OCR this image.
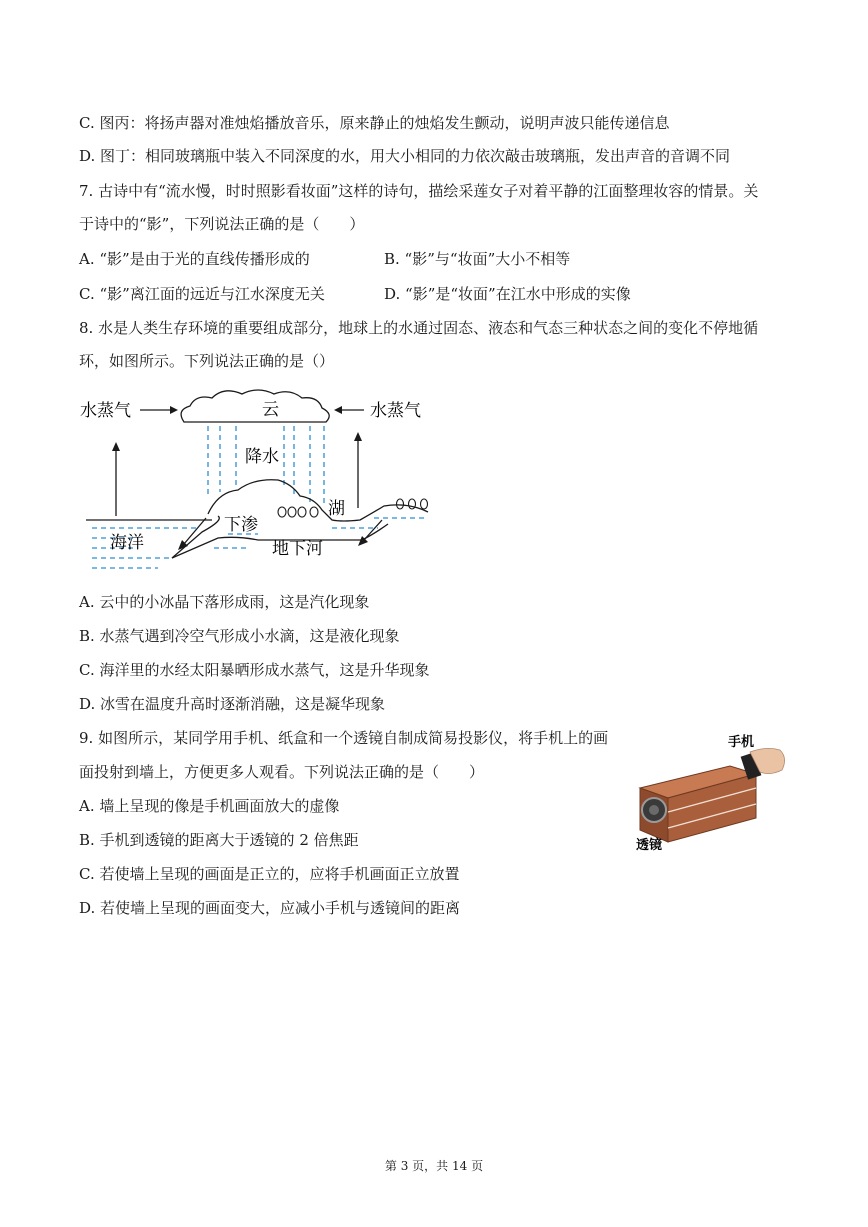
C. 图丙：将扬声器对准烛焰播放音乐，原来静止的烛焰发生颤动，说明声波只能传递信息
D. 图丁：相同玻璃瓶中装入不同深度的水，用大小相同的力依次敲击玻璃瓶，发出声音的音调不同
7. 古诗中有“流水慢，时时照影看妆面”这样的诗句，描绘采莲女子对着平静的江面整理妆容的情景。关
于诗中的“影”，下列说法正确的是（　　）
A. “影”是由于光的直线传播形成的	B. “影”与“妆面”大小不相等
C. “影”离江面的远近与江水深度无关	D. “影”是“妆面”在江水中形成的实像
8. 水是人类生存环境的重要组成部分，地球上的水通过固态、液态和气态三种状态之间的变化不停地循
环，如图所示。下列说法正确的是（）
云
水蒸气	水蒸气
降水
海洋
下渗
地下河
湖
A. 云中的小冰晶下落形成雨，这是汽化现象
B. 水蒸气遇到冷空气形成小水滴，这是液化现象
C. 海洋里的水经太阳暴晒形成水蒸气，这是升华现象
D. 冰雪在温度升高时逐渐消融，这是凝华现象
9. 如图所示，某同学用手机、纸盒和一个透镜自制成简易投影仪，将手机上的画
面投射到墙上，方便更多人观看。下列说法正确的是（　　）
A. 墙上呈现的像是手机画面放大的虚像
B. 手机到透镜的距离大于透镜的 2 倍焦距
C. 若使墙上呈现的画面是正立的，应将手机画面正立放置
D. 若使墙上呈现的画面变大，应减小手机与透镜间的距离
手机
透镜
第 3 页，共 14 页
